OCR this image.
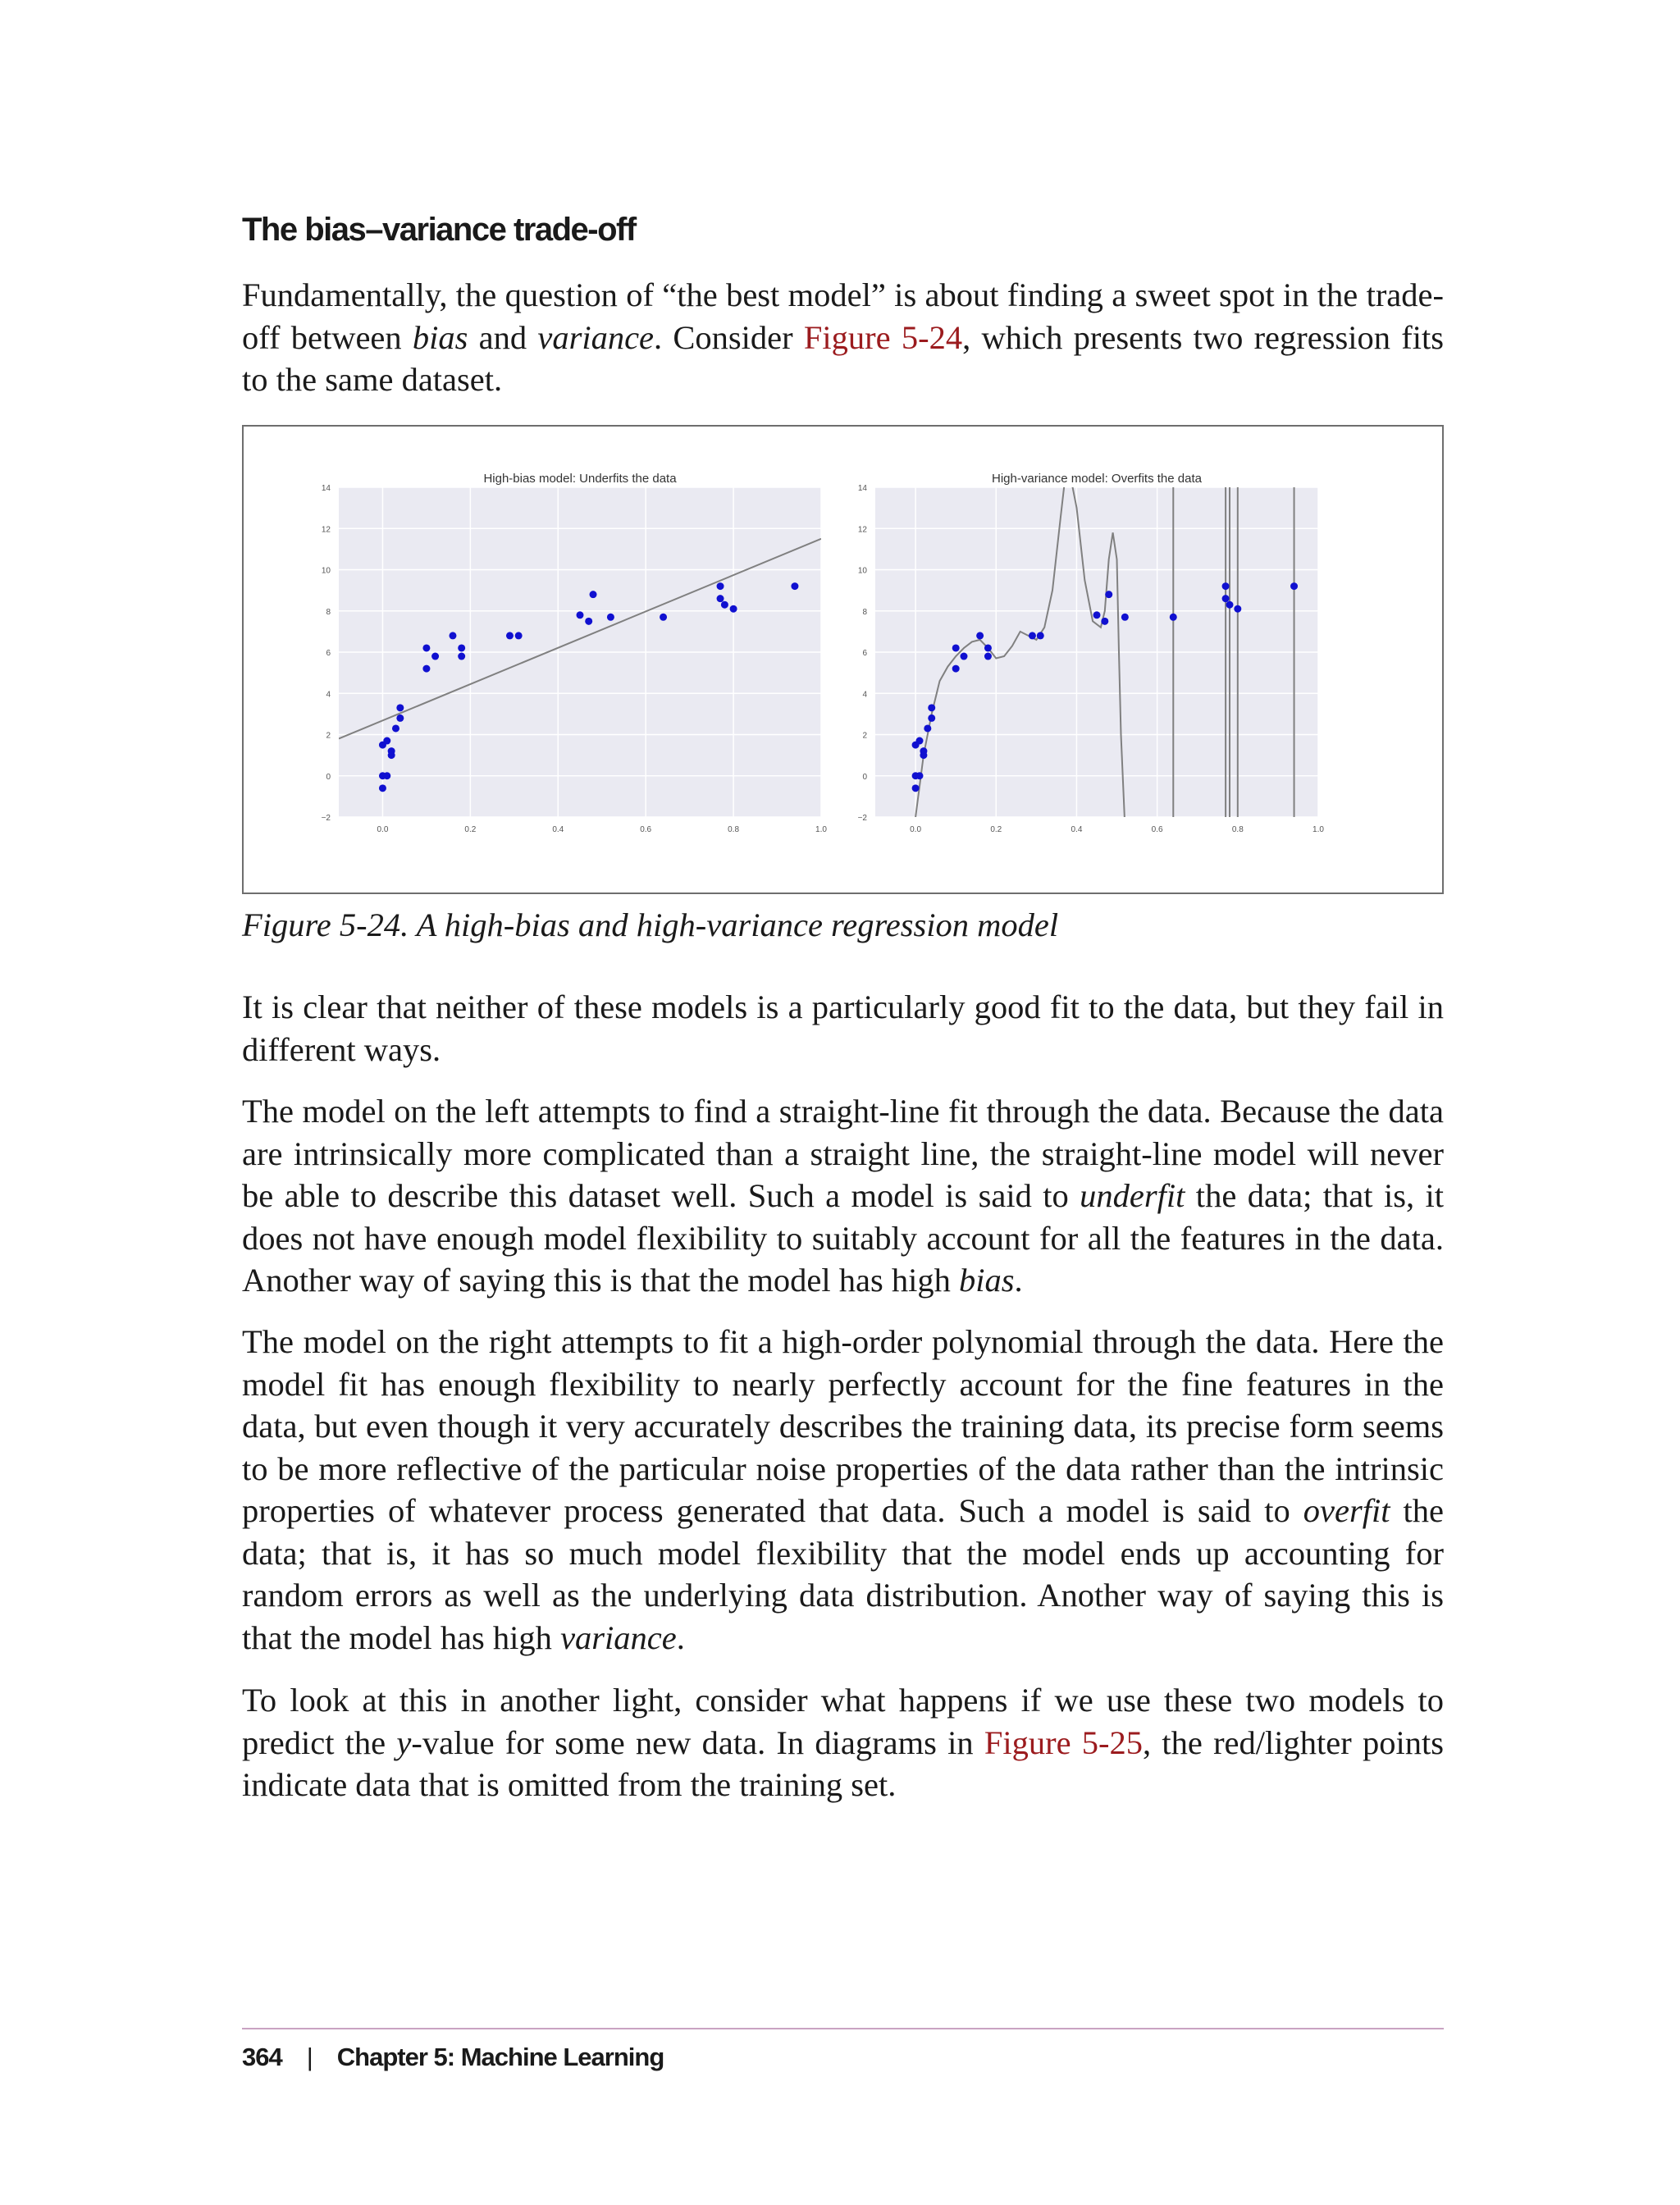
The bias–variance trade-off

Fundamentally, the question of “the best model” is about finding a sweet spot in the trade-off between bias and variance. Consider Figure 5-24, which presents two regression fits to the same dataset.

−2
0
2
4
6
8
10
12
14
0.0	0.2	0.4	0.6	0.8	1.0
High-bias model: Underfits the data
−2
0
2
4
6
8
10
12
14
0.0	0.2	0.4	0.6	0.8	1.0
High-variance model: Overfits the data

Figure 5-24. A high-bias and high-variance regression model

It is clear that neither of these models is a particularly good fit to the data, but they fail in different ways.

The model on the left attempts to find a straight-line fit through the data. Because the data are intrinsically more complicated than a straight line, the straight-line model will never be able to describe this dataset well. Such a model is said to underfit the data; that is, it does not have enough model flexibility to suitably account for all the features in the data. Another way of saying this is that the model has high bias.

The model on the right attempts to fit a high-order polynomial through the data. Here the model fit has enough flexibility to nearly perfectly account for the fine features in the data, but even though it very accurately describes the training data, its precise form seems to be more reflective of the particular noise properties of the data rather than the intrinsic properties of whatever process generated that data. Such a model is said to overfit the data; that is, it has so much model flexibility that the model ends up accounting for random errors as well as the underlying data distribution. Another way of saying this is that the model has high variance.

To look at this in another light, consider what happens if we use these two models to predict the y-value for some new data. In diagrams in Figure 5-25, the red/lighter points indicate data that is omitted from the training set.

364 | Chapter 5: Machine Learning
